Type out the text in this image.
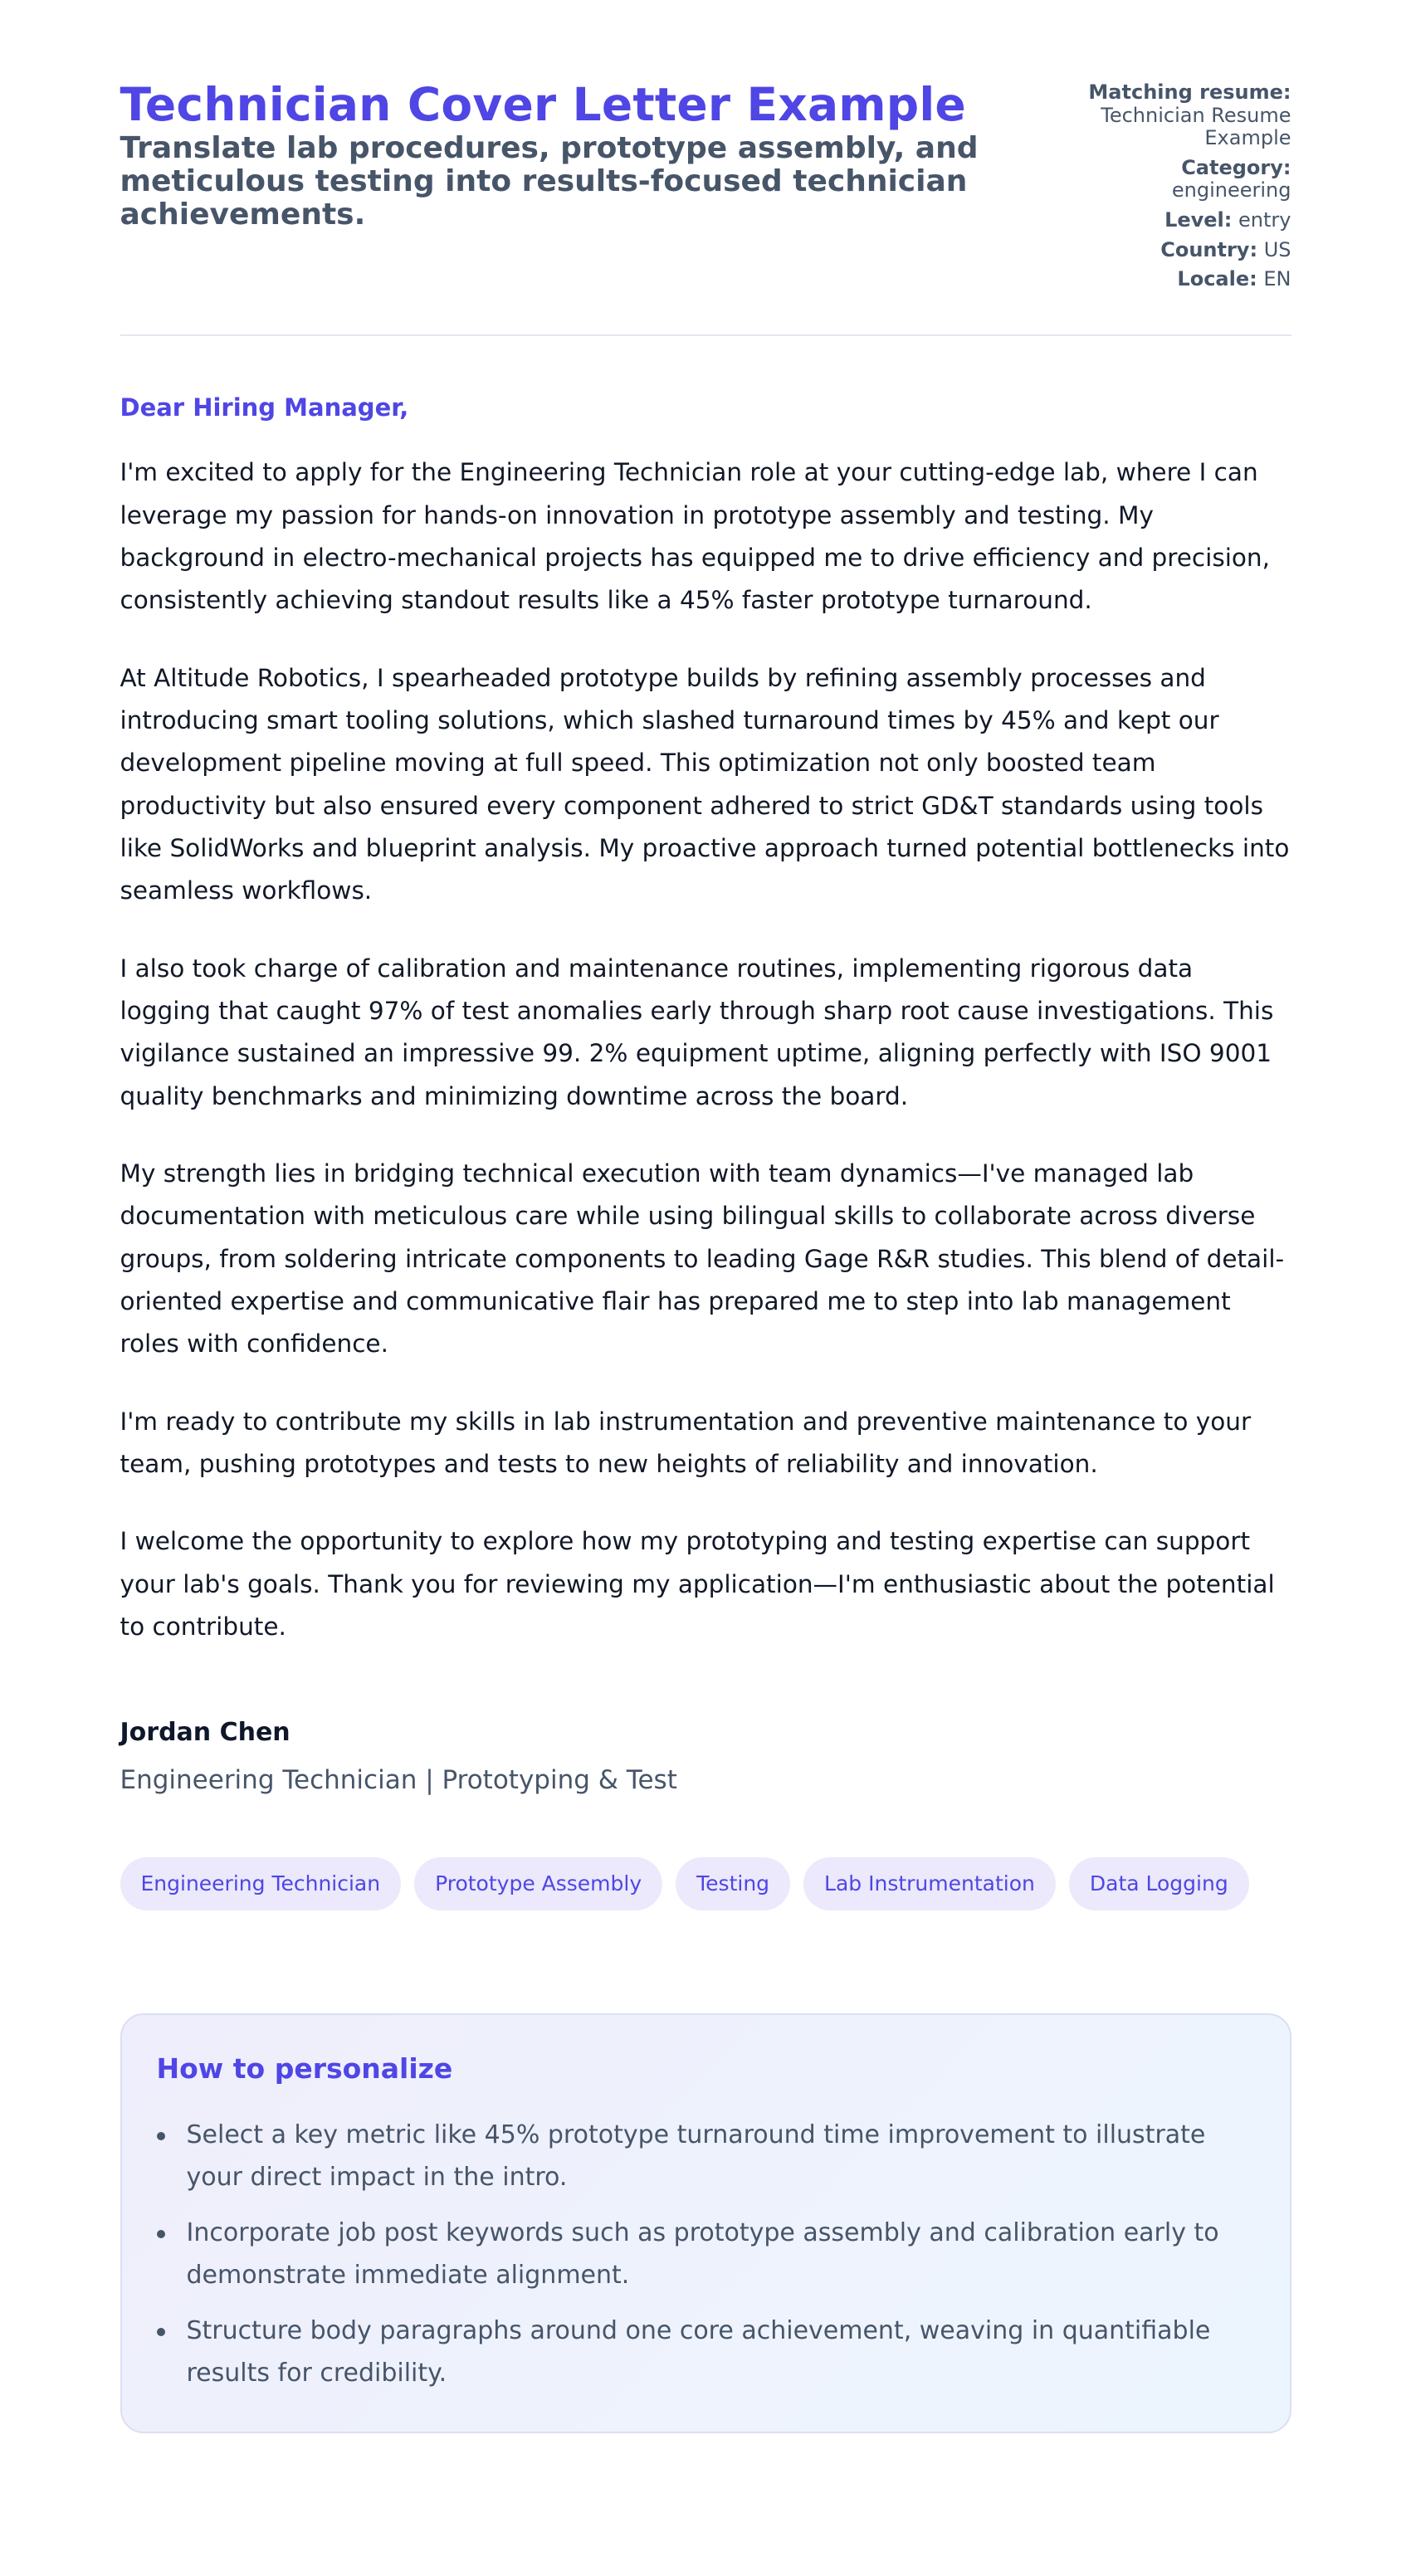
Technician Cover Letter Example
Translate lab procedures, prototype assembly, and meticulous testing into results-focused technician achievements.
Matching resume:
Technician Resume Example
Category:
engineering
Level: entry
Country: US
Locale: EN
Dear Hiring Manager,

I'm excited to apply for the Engineering Technician role at your cutting-edge lab, where I can leverage my passion for hands-on innovation in prototype assembly and testing. My background in electro-mechanical projects has equipped me to drive efficiency and precision, consistently achieving standout results like a 45% faster prototype turnaround.

At Altitude Robotics, I spearheaded prototype builds by refining assembly processes and introducing smart tooling solutions, which slashed turnaround times by 45% and kept our development pipeline moving at full speed. This optimization not only boosted team productivity but also ensured every component adhered to strict GD&T standards using tools like SolidWorks and blueprint analysis. My proactive approach turned potential bottlenecks into seamless workflows.

I also took charge of calibration and maintenance routines, implementing rigorous data logging that caught 97% of test anomalies early through sharp root cause investigations. This vigilance sustained an impressive 99. 2% equipment uptime, aligning perfectly with ISO 9001 quality benchmarks and minimizing downtime across the board.

My strength lies in bridging technical execution with team dynamics—I've managed lab documentation with meticulous care while using bilingual skills to collaborate across diverse groups, from soldering intricate components to leading Gage R&R studies. This blend of detail-oriented expertise and communicative flair has prepared me to step into lab management roles with confidence.

I'm ready to contribute my skills in lab instrumentation and preventive maintenance to your team, pushing prototypes and tests to new heights of reliability and innovation.

I welcome the opportunity to explore how my prototyping and testing expertise can support your lab's goals. Thank you for reviewing my application—I'm enthusiastic about the potential to contribute.

Jordan Chen
Engineering Technician | Prototyping & Test
Engineering Technician	Prototype Assembly	Testing	Lab Instrumentation	Data Logging
How to personalize
Select a key metric like 45% prototype turnaround time improvement to illustrate your direct impact in the intro.
Incorporate job post keywords such as prototype assembly and calibration early to demonstrate immediate alignment.
Structure body paragraphs around one core achievement, weaving in quantifiable results for credibility.
